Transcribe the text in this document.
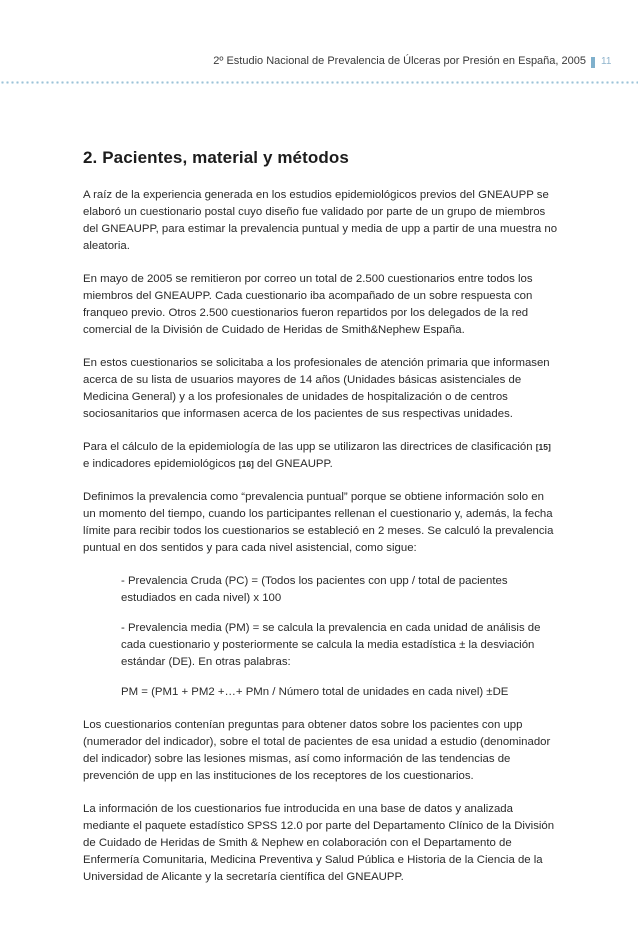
2º Estudio Nacional de Prevalencia de Úlceras por Presión en España, 2005 11
2. Pacientes, material y métodos

A raíz de la experiencia generada en los estudios epidemiológicos previos del GNEAUPP se elaboró un cuestionario postal cuyo diseño fue validado por parte de un grupo de miembros del GNEAUPP, para estimar la prevalencia puntual y media de upp a partir de una muestra no aleatoria.

En mayo de 2005 se remitieron por correo un total de 2.500 cuestionarios entre todos los miembros del GNEAUPP. Cada cuestionario iba acompañado de un sobre respuesta con franqueo previo. Otros 2.500 cuestionarios fueron repartidos por los delegados de la red comercial de la División de Cuidado de Heridas de Smith&Nephew España.

En estos cuestionarios se solicitaba a los profesionales de atención primaria que informasen acerca de su lista de usuarios mayores de 14 años (Unidades básicas asistenciales de Medicina General) y a los profesionales de unidades de hospitalización o de centros sociosanitarios que informasen acerca de los pacientes de sus respectivas unidades.

Para el cálculo de la epidemiología de las upp se utilizaron las directrices de clasificación [15] e indicadores epidemiológicos [16] del GNEAUPP.

Definimos la prevalencia como “prevalencia puntual” porque se obtiene información solo en un momento del tiempo, cuando los participantes rellenan el cuestionario y, además, la fecha límite para recibir todos los cuestionarios se estableció en 2 meses. Se calculó la prevalencia puntual en dos sentidos y para cada nivel asistencial, como sigue:

- Prevalencia Cruda (PC) = (Todos los pacientes con upp / total de pacientes estudiados en cada nivel) x 100

- Prevalencia media (PM) = se calcula la prevalencia en cada unidad de análisis de cada cuestionario y posteriormente se calcula la media estadística ± la desviación estándar (DE). En otras palabras:

PM = (PM1 + PM2 +…+ PMn / Número total de unidades en cada nivel) ±DE

Los cuestionarios contenían preguntas para obtener datos sobre los pacientes con upp (numerador del indicador), sobre el total de pacientes de esa unidad a estudio (denominador del indicador) sobre las lesiones mismas, así como información de las tendencias de prevención de upp en las instituciones de los receptores de los cuestionarios.

La información de los cuestionarios fue introducida en una base de datos y analizada mediante el paquete estadístico SPSS 12.0 por parte del Departamento Clínico de la División de Cuidado de Heridas de Smith & Nephew en colaboración con el Departamento de Enfermería Comunitaria, Medicina Preventiva y Salud Pública e Historia de la Ciencia de la Universidad de Alicante y la secretaría científica del GNEAUPP.
